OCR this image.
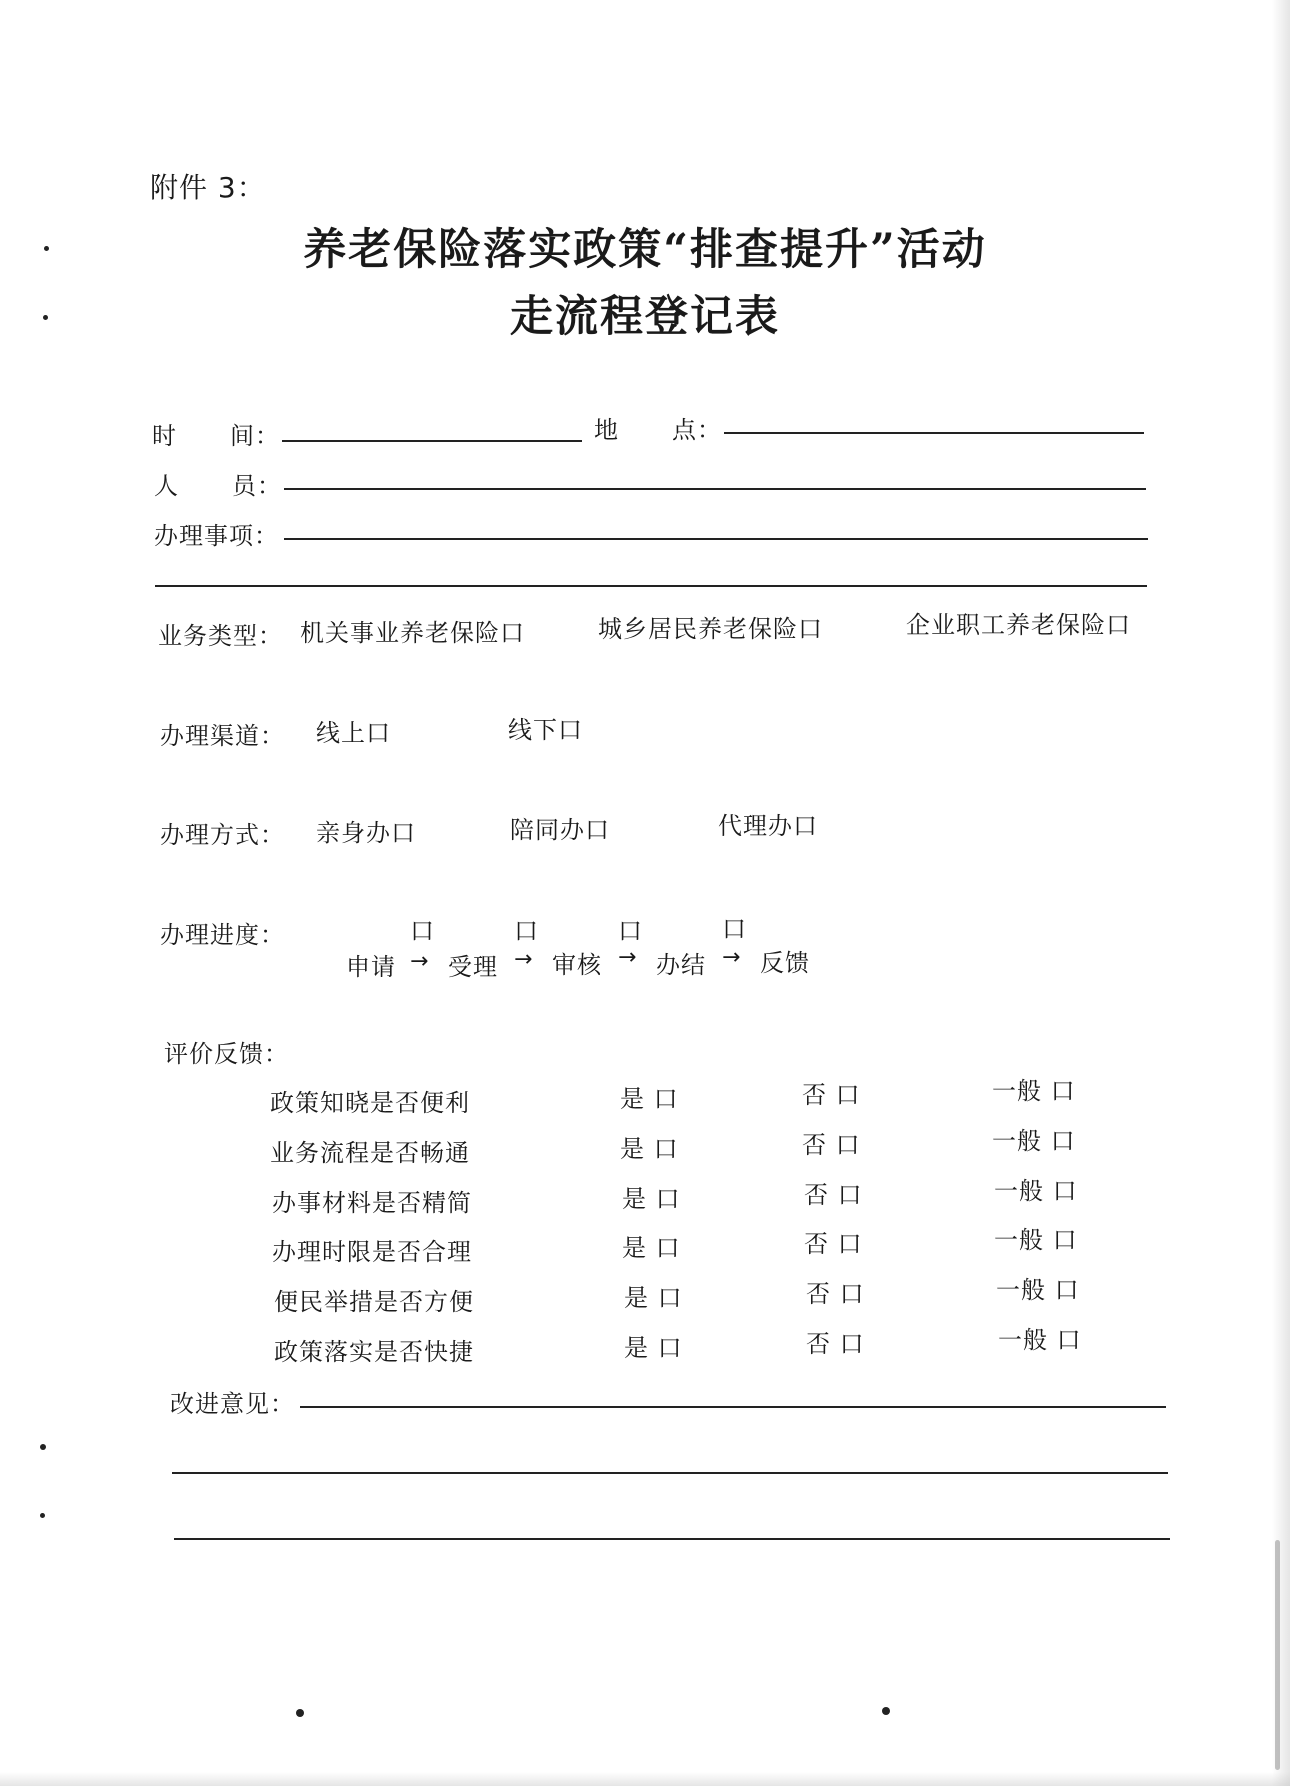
附件 3：
养老保险落实政策“排查提升”活动
走流程登记表
时 间：	地 点：
人 员：
办理事项：
业务类型： 机关事业养老保险口	城乡居民养老保险口	企业职工养老保险口
办理渠道： 线上口	线下口
办理方式： 亲身办口	陪同办口	代理办口
办理进度：	口	口	口	口
申请 → 受理 → 审核 → 办结 → 反馈
评价反馈：
政策知晓是否便利	是 口	否 口	一般 口
业务流程是否畅通	是 口	否 口	一般 口
办事材料是否精简	是 口	否 口	一般 口
办理时限是否合理	是 口	否 口	一般 口
便民举措是否方便	是 口	否 口	一般 口
政策落实是否快捷	是 口	否 口	一般 口
改进意见：
